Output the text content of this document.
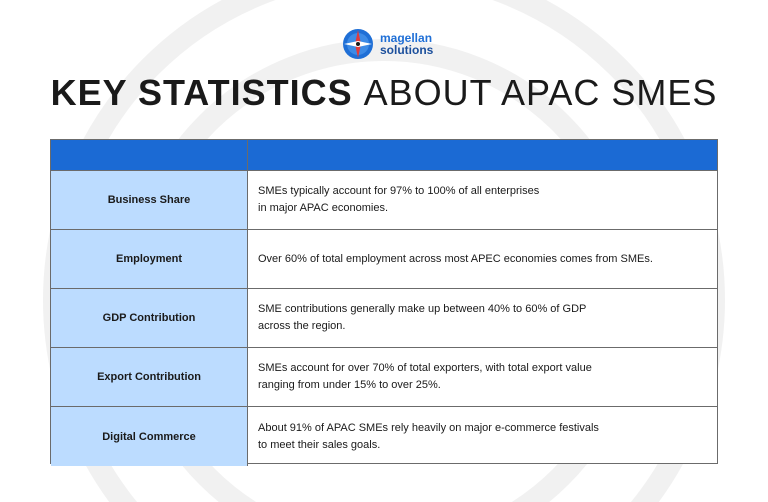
magellan
solutions
KEY STATISTICS ABOUT APAC SMES
Business Share
SMEs typically account for 97% to 100% of all enterprises
in major APAC economies.
Employment	Over 60% of total employment across most APEC economies comes from SMEs.
GDP Contribution
SME contributions generally make up between 40% to 60% of GDP
across the region.
Export Contribution
SMEs account for over 70% of total exporters, with total export value
ranging from under 15% to over 25%.
Digital Commerce
About 91% of APAC SMEs rely heavily on major e-commerce festivals
to meet their sales goals.
